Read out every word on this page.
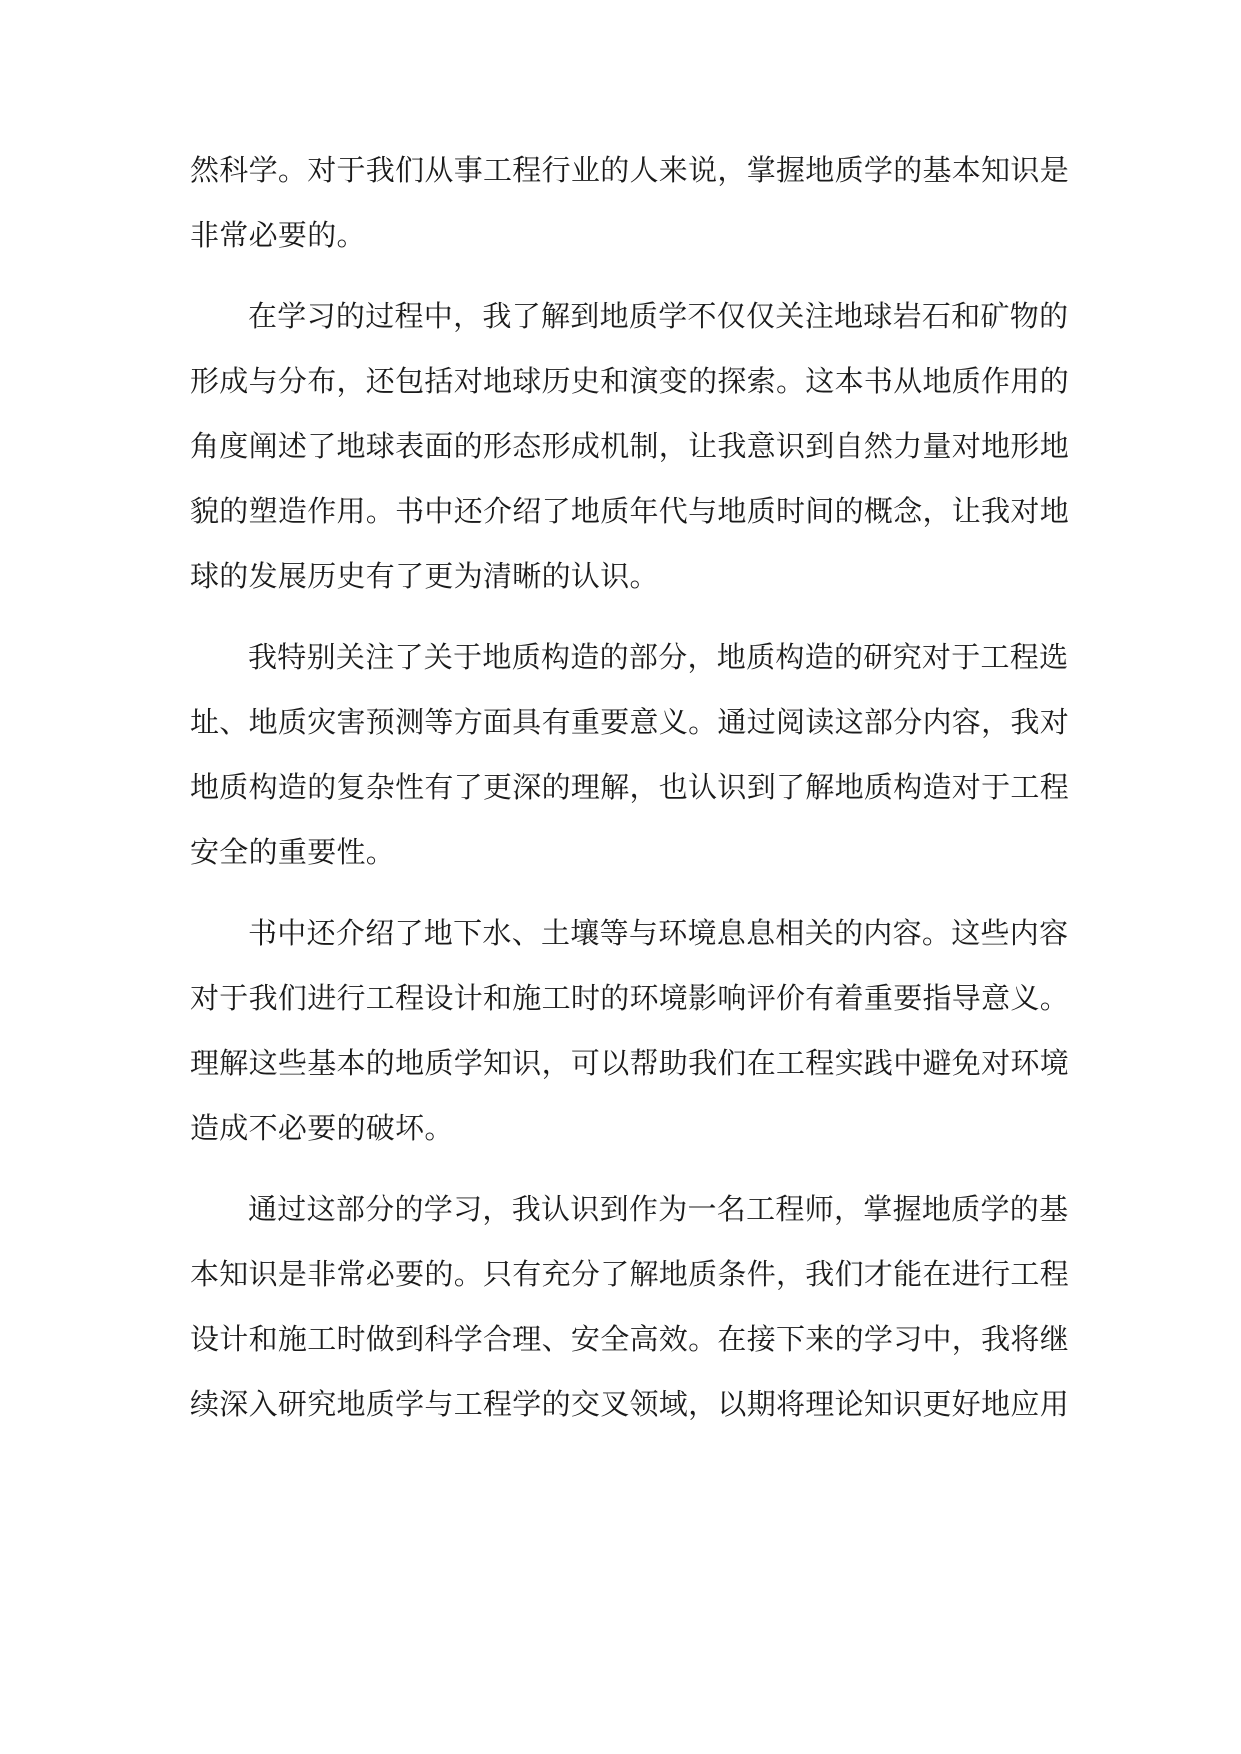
然科学。对于我们从事工程行业的人来说，掌握地质学的基本知识是
非常必要的。
在学习的过程中，我了解到地质学不仅仅关注地球岩石和矿物的
形成与分布，还包括对地球历史和演变的探索。这本书从地质作用的
角度阐述了地球表面的形态形成机制，让我意识到自然力量对地形地
貌的塑造作用。书中还介绍了地质年代与地质时间的概念，让我对地
球的发展历史有了更为清晰的认识。
我特别关注了关于地质构造的部分，地质构造的研究对于工程选
址、地质灾害预测等方面具有重要意义。通过阅读这部分内容，我对
地质构造的复杂性有了更深的理解，也认识到了解地质构造对于工程
安全的重要性。
书中还介绍了地下水、土壤等与环境息息相关的内容。这些内容
对于我们进行工程设计和施工时的环境影响评价有着重要指导意义。
理解这些基本的地质学知识，可以帮助我们在工程实践中避免对环境
造成不必要的破坏。
通过这部分的学习，我认识到作为一名工程师，掌握地质学的基
本知识是非常必要的。只有充分了解地质条件，我们才能在进行工程
设计和施工时做到科学合理、安全高效。在接下来的学习中，我将继
续深入研究地质学与工程学的交叉领域，以期将理论知识更好地应用
